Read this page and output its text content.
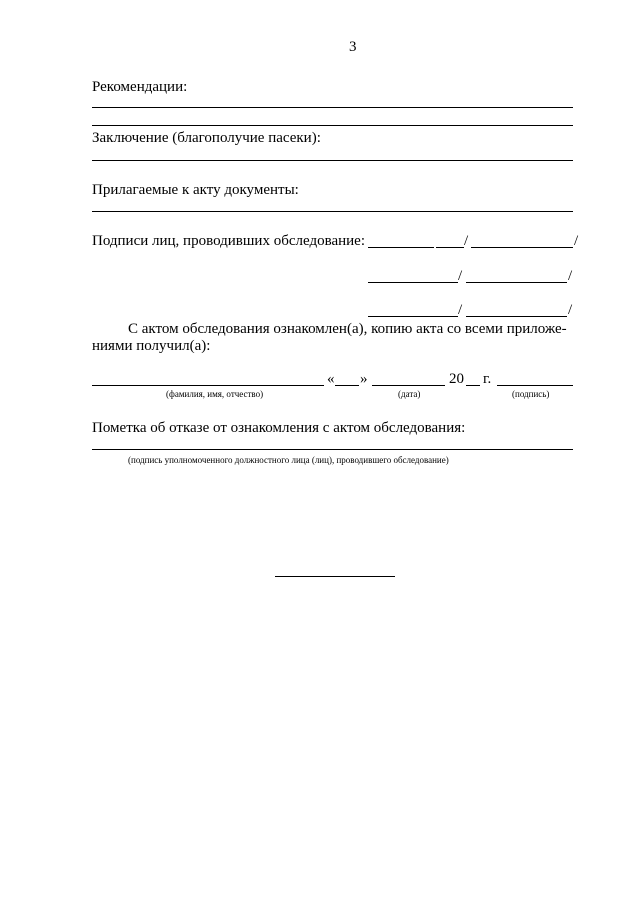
3
Рекомендации:
Заключение (благополучие пасеки):
Прилагаемые к акту документы:
Подписи лиц, проводивших обследование:	/	/
/	/
/	/
С актом обследования ознакомлен(а), копию акта со всеми приложе-
ниями получил(а):
« »	20 г.
(фамилия, имя, отчество)	(дата)	(подпись)
Пометка об отказе от ознакомления с актом обследования:
(подпись уполномоченного должностного лица (лиц), проводившего обследование)
